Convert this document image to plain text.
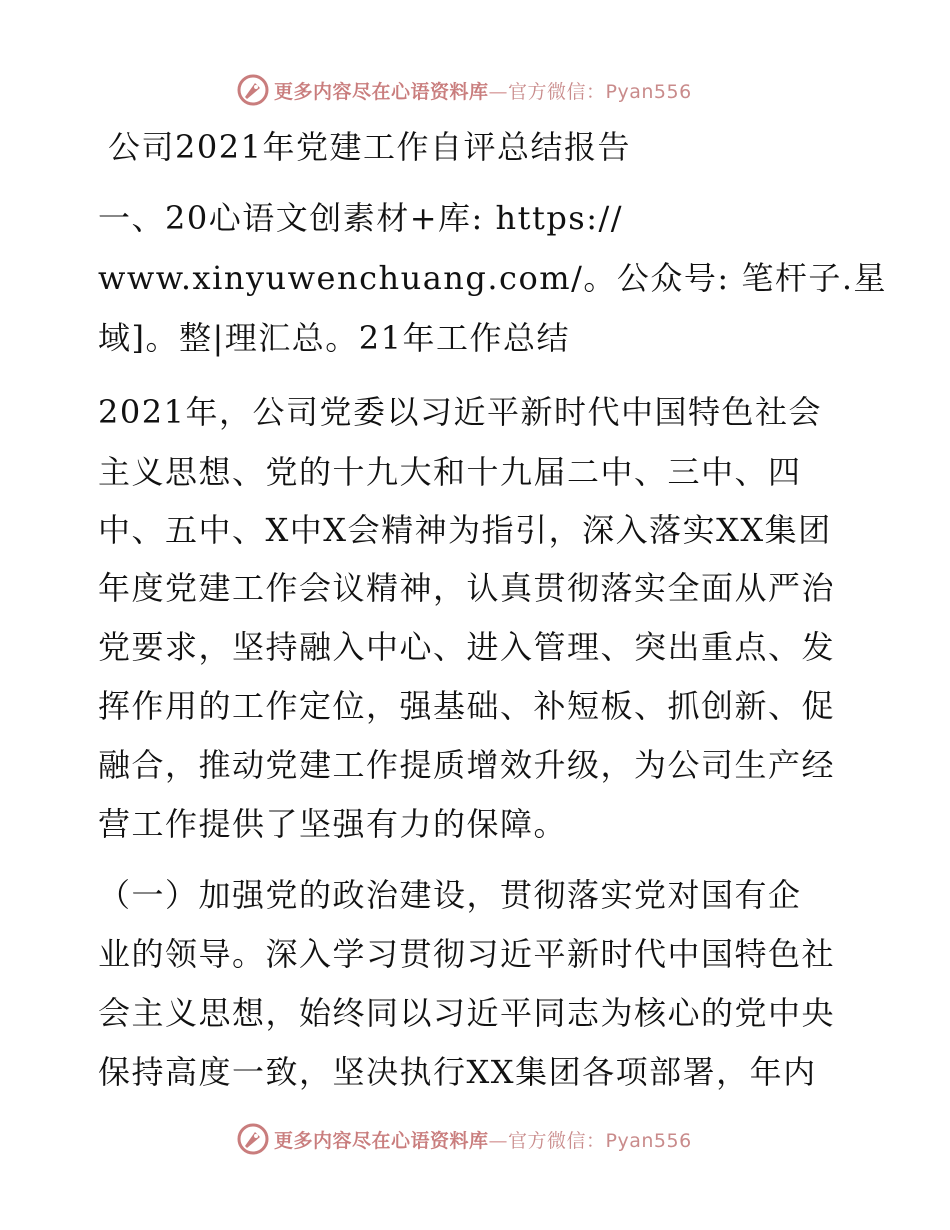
更多内容尽在心语资料库—官方微信：Pyan556
公司2021年党建工作自评总结报告
一、20心语文创素材+库: https://
www.xinyuwenchuang.com/。公众号: 笔杆子.星
域]。整|理汇总。21年工作总结
2021年，公司党委以习近平新时代中国特色社会
主义思想、党的十九大和十九届二中、三中、四
中、五中、X中X会精神为指引，深入落实XX集团
年度党建工作会议精神，认真贯彻落实全面从严治
党要求，坚持融入中心、进入管理、突出重点、发
挥作用的工作定位，强基础、补短板、抓创新、促
融合，推动党建工作提质增效升级，为公司生产经
营工作提供了坚强有力的保障。
（一）加强党的政治建设，贯彻落实党对国有企
业的领导。深入学习贯彻习近平新时代中国特色社
会主义思想，始终同以习近平同志为核心的党中央
保持高度一致，坚决执行XX集团各项部署，年内
更多内容尽在心语资料库—官方微信：Pyan556
